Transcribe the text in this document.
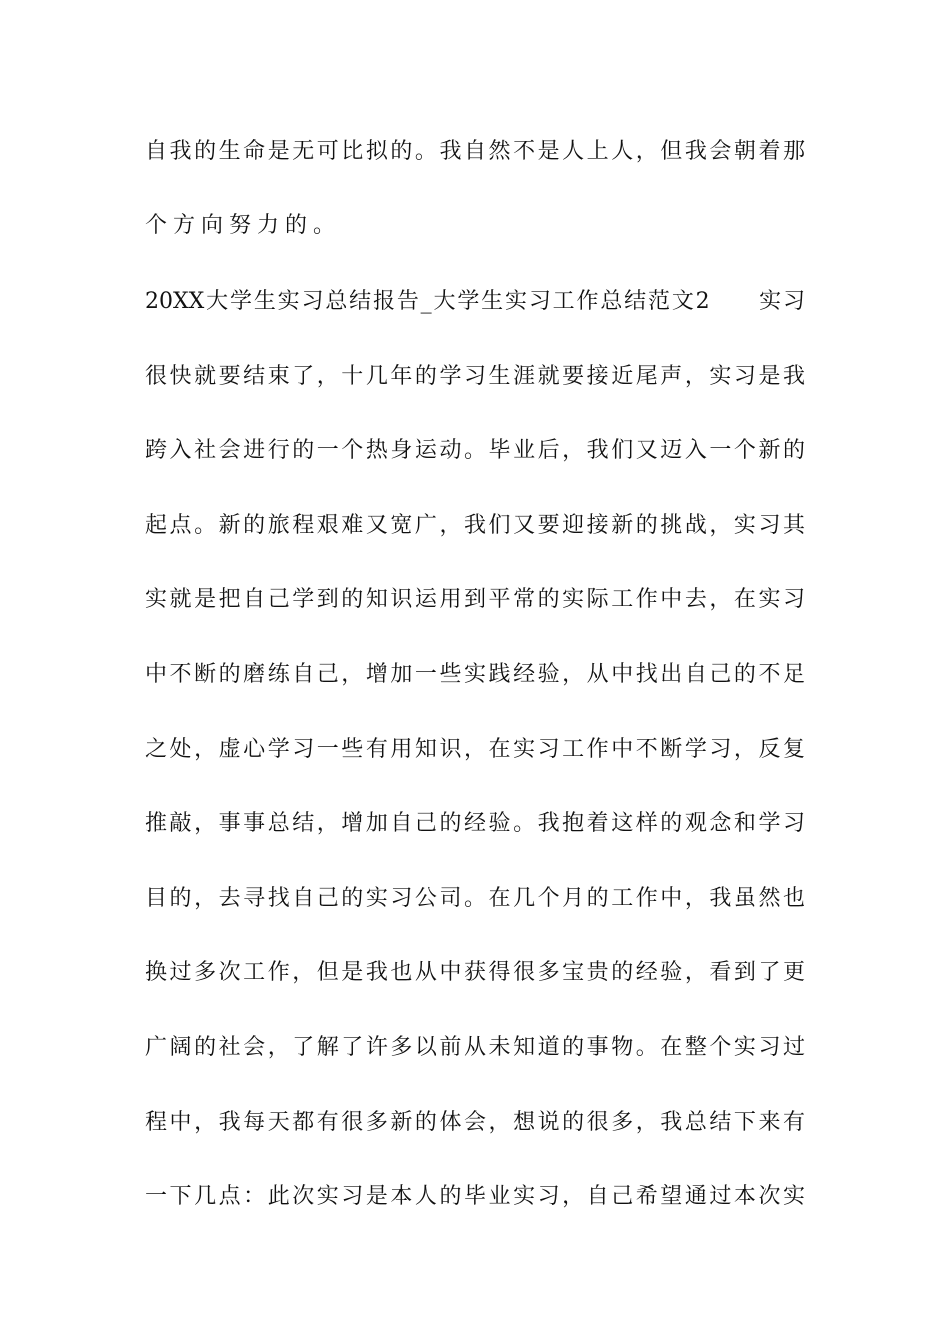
自我的生命是无可比拟的。我自然不是人上人，但我会朝着那
个方向努力的。
20XX大学生实习总结报告_大学生实习工作总结范文2　　实习
很快就要结束了，十几年的学习生涯就要接近尾声，实习是我
跨入社会进行的一个热身运动。毕业后，我们又迈入一个新的
起点。新的旅程艰难又宽广，我们又要迎接新的挑战，实习其
实就是把自己学到的知识运用到平常的实际工作中去，在实习
中不断的磨练自己，增加一些实践经验，从中找出自己的不足
之处，虚心学习一些有用知识，在实习工作中不断学习，反复
推敲，事事总结，增加自己的经验。我抱着这样的观念和学习
目的，去寻找自己的实习公司。在几个月的工作中，我虽然也
换过多次工作，但是我也从中获得很多宝贵的经验，看到了更
广阔的社会，了解了许多以前从未知道的事物。在整个实习过
程中，我每天都有很多新的体会，想说的很多，我总结下来有
一下几点：此次实习是本人的毕业实习，自己希望通过本次实
